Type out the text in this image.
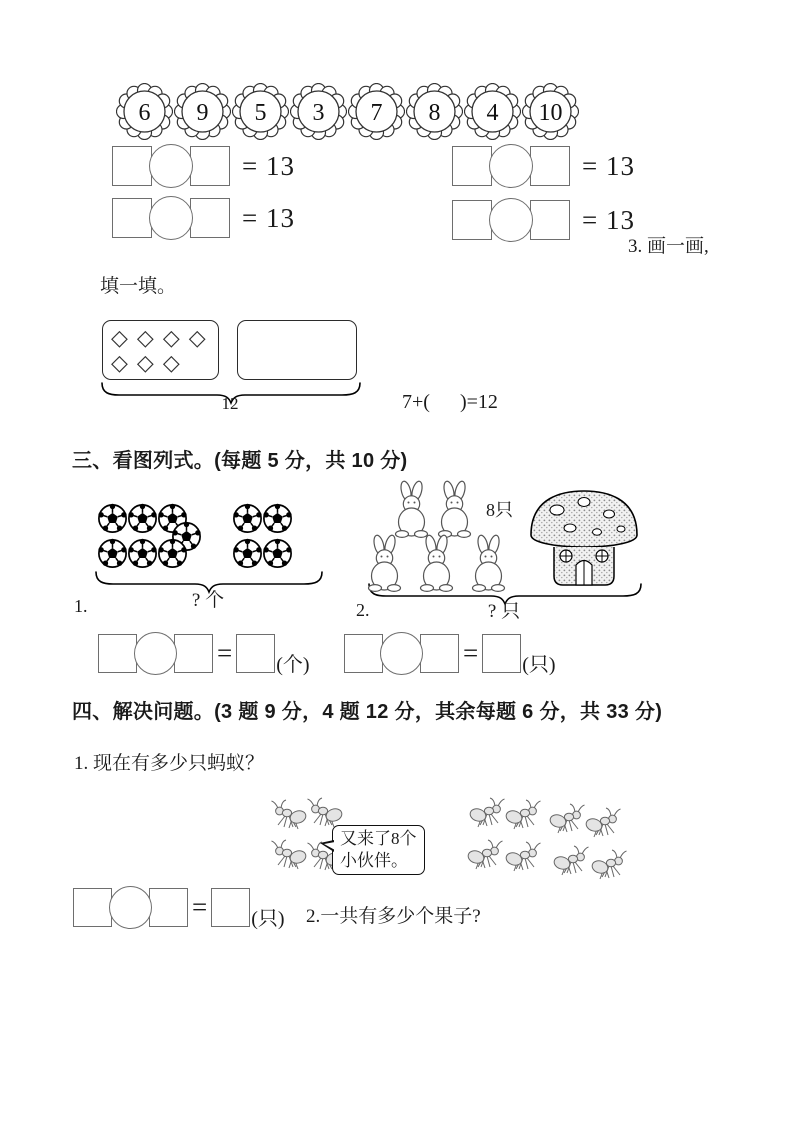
6 9 5 3 7 8 4 10
= 13	= 13
= 13	= 13
3. 画一画,
填一填。
◇ ◇ ◇ ◇
◇ ◇ ◇
12	7+(      )=12
三、看图列式。(每题 5 分，共 10 分)
? 个
1.
8只
? 只
2.
= (个)	= (只)
四、解决问题。(3 题 9 分，4 题 12 分，其余每题 6 分，共 33 分)
1. 现在有多少只蚂蚁？
又来了8个
小伙伴。
= (只) 2.一共有多少个果子?
